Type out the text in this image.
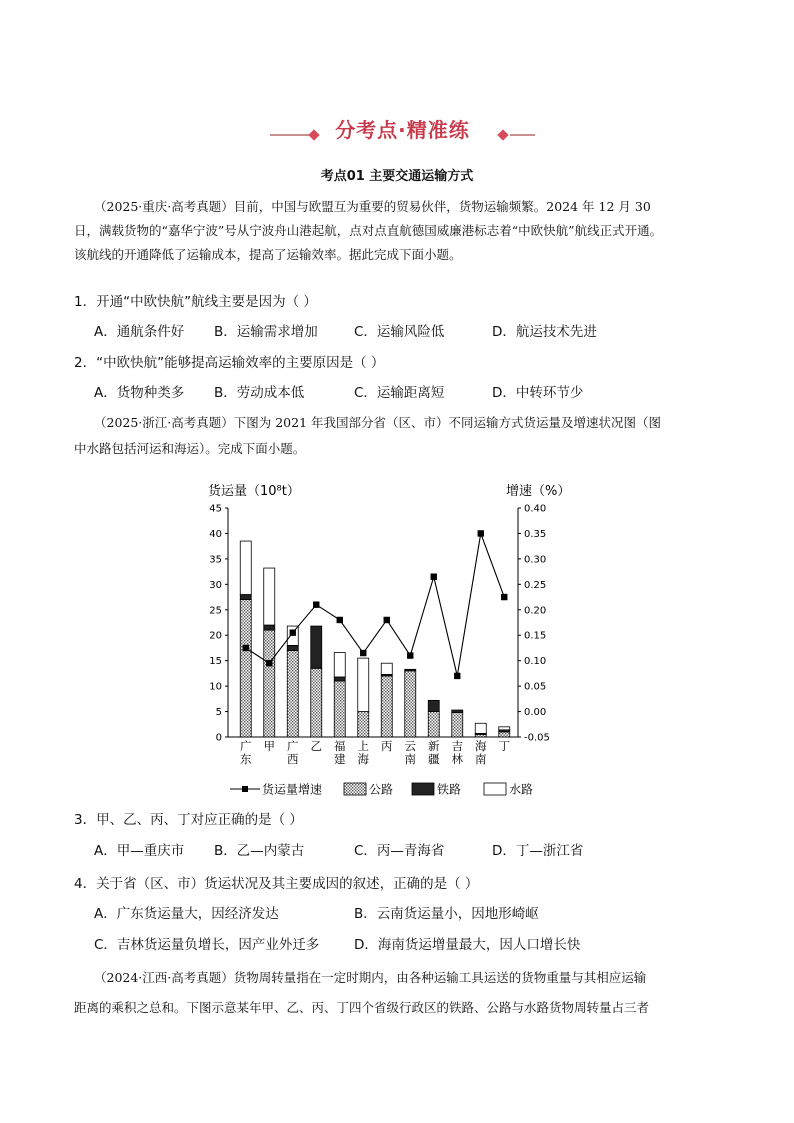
分考点·精准练
考点01 主要交通运输方式
（2025·重庆·高考真题）目前，中国与欧盟互为重要的贸易伙伴，货物运输频繁。2024 年 12 月 30
日，满载货物的“嘉华宁波”号从宁波舟山港起航，点对点直航德国威廉港标志着“中欧快航”航线正式开通。
该航线的开通降低了运输成本，提高了运输效率。据此完成下面小题。
1．开通“中欧快航”航线主要是因为（ ）
A．通航条件好 B．运输需求增加	C．运输风险低	D．航运技术先进
2．“中欧快航”能够提高运输效率的主要原因是（ ）
A．货物种类多 B．劳动成本低	C．运输距离短	D．中转环节少
（2025·浙江·高考真题）下图为 2021 年我国部分省（区、市）不同运输方式货运量及增速状况图（图
中水路包括河运和海运）。完成下面小题。
货运量（10⁸t）	增速（%）
0
5
10
15
20
25
30
35
40
45
-0.05
0.00
0.05
0.10
0.15
0.20
0.25
0.30
0.35
0.40
广
东
甲 广
西
乙 福
建
上
海
丙 云
南
新
疆
吉
林
海
南
丁
货运量增速	公路	铁路	水路
3．甲、乙、丙、丁对应正确的是（ ）
A．甲—重庆市 B．乙—内蒙古	C．丙—青海省	D．丁—浙江省
4．关于省（区、市）货运状况及其主要成因的叙述，正确的是（ ）
A．广东货运量大，因经济发达	B．云南货运量小，因地形崎岖
C．吉林货运量负增长，因产业外迁多	D．海南货运增量最大，因人口增长快
（2024·江西·高考真题）货物周转量指在一定时期内，由各种运输工具运送的货物重量与其相应运输
距离的乘积之总和。下图示意某年甲、乙、丙、丁四个省级行政区的铁路、公路与水路货物周转量占三者
